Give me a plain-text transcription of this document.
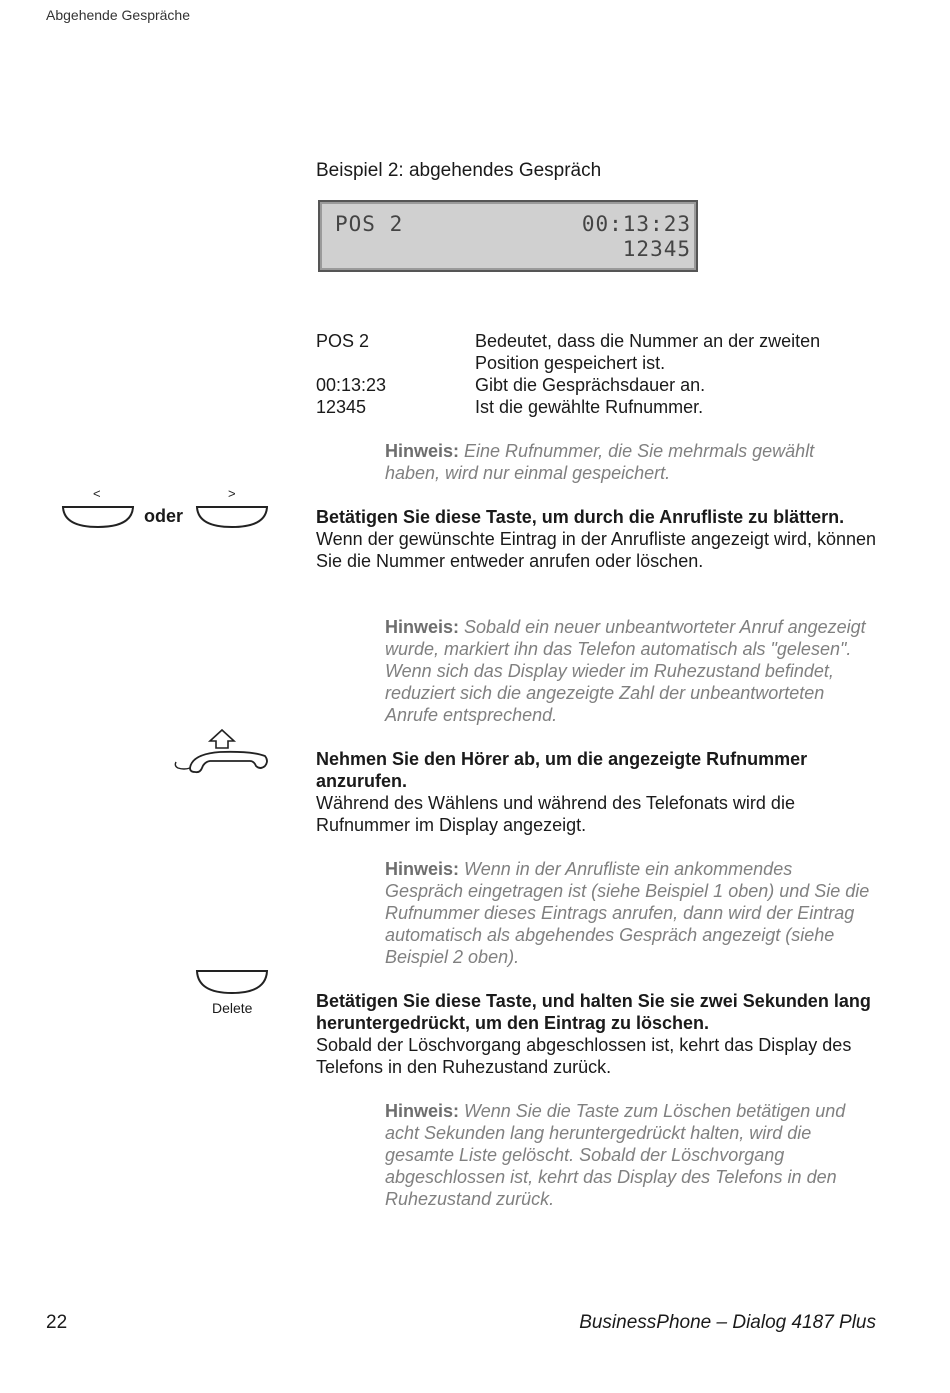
Abgehende Gespräche
Beispiel 2: abgehendes Gespräch
POS 2	00:13:23
12345
POS 2	Bedeutet, dass die Nummer an der zweiten Position gespeichert ist.
00:13:23	Gibt die Gesprächsdauer an.
12345	Ist die gewählte Rufnummer.
Hinweis: Eine Rufnummer, die Sie mehrmals gewählt haben, wird nur einmal gespeichert.
<	>
oder	Betätigen Sie diese Taste, um durch die Anrufliste zu blättern.
Wenn der gewünschte Eintrag in der Anrufliste angezeigt wird, können Sie die Nummer entweder anrufen oder löschen.
Hinweis: Sobald ein neuer unbeantworteter Anruf angezeigt wurde, markiert ihn das Telefon automatisch als "gelesen". Wenn sich das Display wieder im Ruhezustand befindet, reduziert sich die angezeigte Zahl der unbeantworteten Anrufe entsprechend.
Nehmen Sie den Hörer ab, um die angezeigte Rufnummer anzurufen.
Während des Wählens und während des Telefonats wird die Rufnummer im Display angezeigt.
Hinweis: Wenn in der Anrufliste ein ankommendes Gespräch eingetragen ist (siehe Beispiel 1 oben) und Sie die Rufnummer dieses Eintrags anrufen, dann wird der Eintrag automatisch als abgehendes Gespräch angezeigt (siehe Beispiel 2 oben).
Delete	Betätigen Sie diese Taste, und halten Sie sie zwei Sekunden lang heruntergedrückt, um den Eintrag zu löschen.
Sobald der Löschvorgang abgeschlossen ist, kehrt das Display des Telefons in den Ruhezustand zurück.
Hinweis: Wenn Sie die Taste zum Löschen betätigen und acht Sekunden lang heruntergedrückt halten, wird die gesamte Liste gelöscht. Sobald der Löschvorgang abgeschlossen ist, kehrt das Display des Telefons in den Ruhezustand zurück.
22	BusinessPhone – Dialog 4187 Plus
